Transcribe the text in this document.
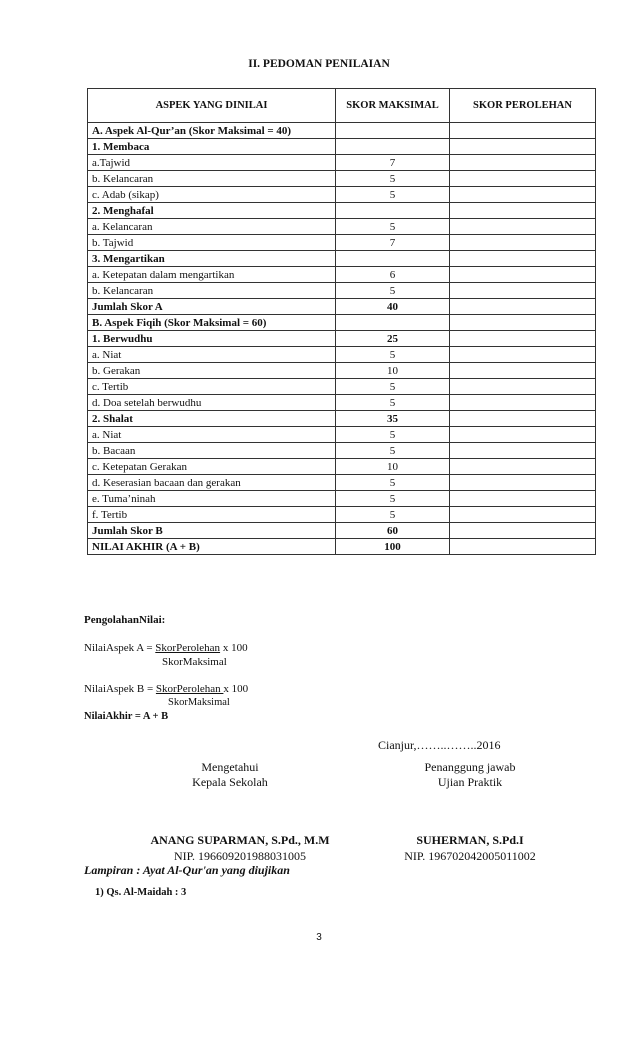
II. PEDOMAN PENILAIAN
ASPEK YANG DINILAI	SKOR MAKSIMAL	SKOR PEROLEHAN
A. Aspek Al-Qur’an (Skor Maksimal = 40)		
1. Membaca		
a.Tajwid	7	
b. Kelancaran	5	
c. Adab (sikap)	5	
2. Menghafal		
a. Kelancaran	5	
b. Tajwid	7	
3. Mengartikan		
a. Ketepatan dalam mengartikan	6	
b. Kelancaran	5	
Jumlah Skor A	40	
B. Aspek Fiqih (Skor Maksimal = 60)		
1. Berwudhu	25	
a. Niat	5	
b. Gerakan	10	
c. Tertib	5	
d. Doa setelah berwudhu	5	
2. Shalat	35	
a. Niat	5	
b. Bacaan	5	
c. Ketepatan Gerakan	10	
d. Keserasian bacaan dan gerakan	5	
e. Tuma’ninah	5	
f. Tertib	5	
Jumlah Skor B	60	
NILAI AKHIR (A + B)	100	
PengolahanNilai:
NilaiAspek A = SkorPerolehan x 100
SkorMaksimal
NilaiAspek B = SkorPerolehan x 100
SkorMaksimal
NilaiAkhir = A + B
Cianjur,……..……..2016
Mengetahui
Kepala Sekolah
Penanggung jawab
Ujian Praktik
ANANG SUPARMAN, S.Pd., M.M
NIP. 196609201988031005
SUHERMAN, S.Pd.I
NIP. 196702042005011002
Lampiran : Ayat Al-Qur'an yang diujikan
1) Qs. Al-Maidah : 3
3
